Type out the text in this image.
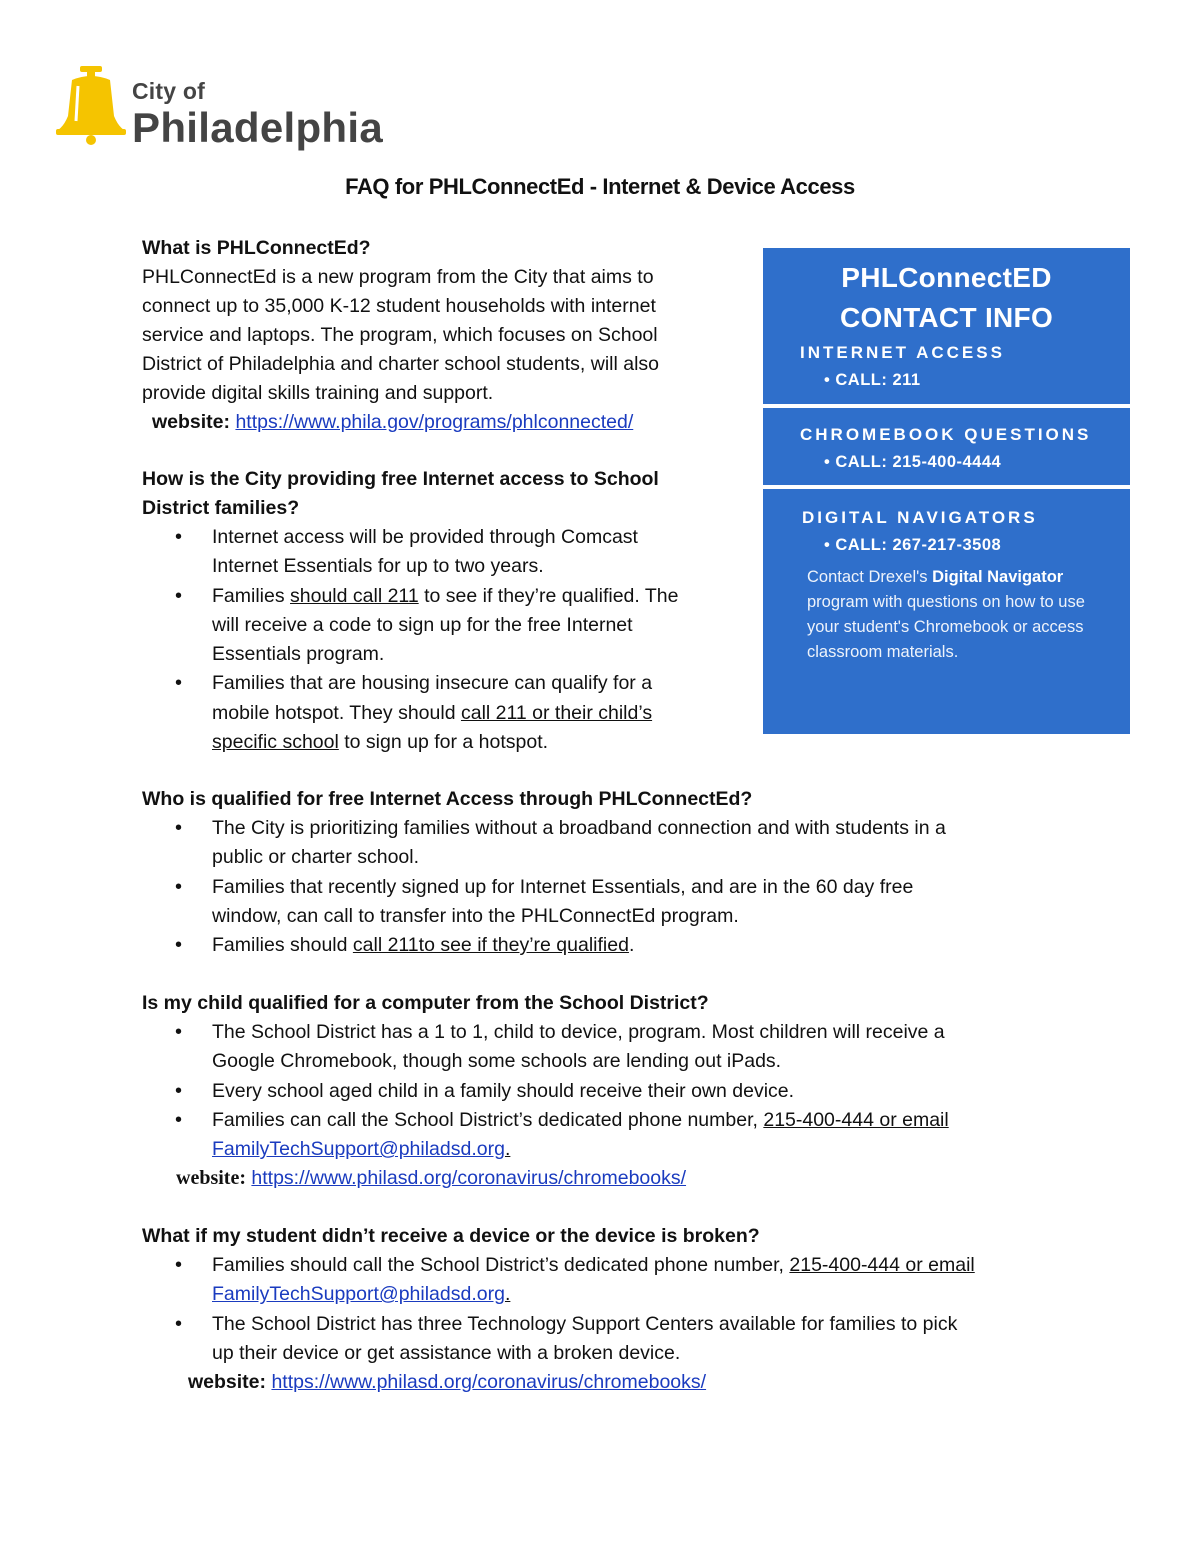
City of
Philadelphia
FAQ for PHLConnectEd - Internet & Device Access

What is PHLConnectEd?

PHLConnectEd is a new program from the City that aims to

connect up to 35,000 K-12 student households with internet

service and laptops. The program, which focuses on School

District of Philadelphia and charter school students, will also

provide digital skills training and support.

website: https://www.phila.gov/programs/phlconnected/

How is the City providing free Internet access to School

District families?

• Internet access will be provided through Comcast
Internet Essentials for up to two years.
• Families should call 211 to see if they’re qualified. The
will receive a code to sign up for the free Internet
Essentials program.
• Families that are housing insecure can qualify for a
mobile hotspot. They should call 211 or their child’s
specific school to sign up for a hotspot.

Who is qualified for free Internet Access through PHLConnectEd?

• The City is prioritizing families without a broadband connection and with students in a
public or charter school.
• Families that recently signed up for Internet Essentials, and are in the 60 day free
window, can call to transfer into the PHLConnectEd program.
• Families should call 211to see if they’re qualified.

Is my child qualified for a computer from the School District?

• The School District has a 1 to 1, child to device, program. Most children will receive a
Google Chromebook, though some schools are lending out iPads.
• Every school aged child in a family should receive their own device.
• Families can call the School District’s dedicated phone number, 215-400-444 or email
FamilyTechSupport@philadsd.org.

website: https://www.philasd.org/coronavirus/chromebooks/

What if my student didn’t receive a device or the device is broken?

• Families should call the School District’s dedicated phone number, 215-400-444 or email
FamilyTechSupport@philadsd.org.
• The School District has three Technology Support Centers available for families to pick
up their device or get assistance with a broken device.

website: https://www.philasd.org/coronavirus/chromebooks/

PHLConnectED
CONTACT INFO
INTERNET ACCESS
• CALL: 211
CHROMEBOOK QUESTIONS
• CALL: 215-400-4444
DIGITAL NAVIGATORS
• CALL: 267-217-3508
Contact Drexel's Digital Navigator program with questions on how to use your student's Chromebook or access classroom materials.
